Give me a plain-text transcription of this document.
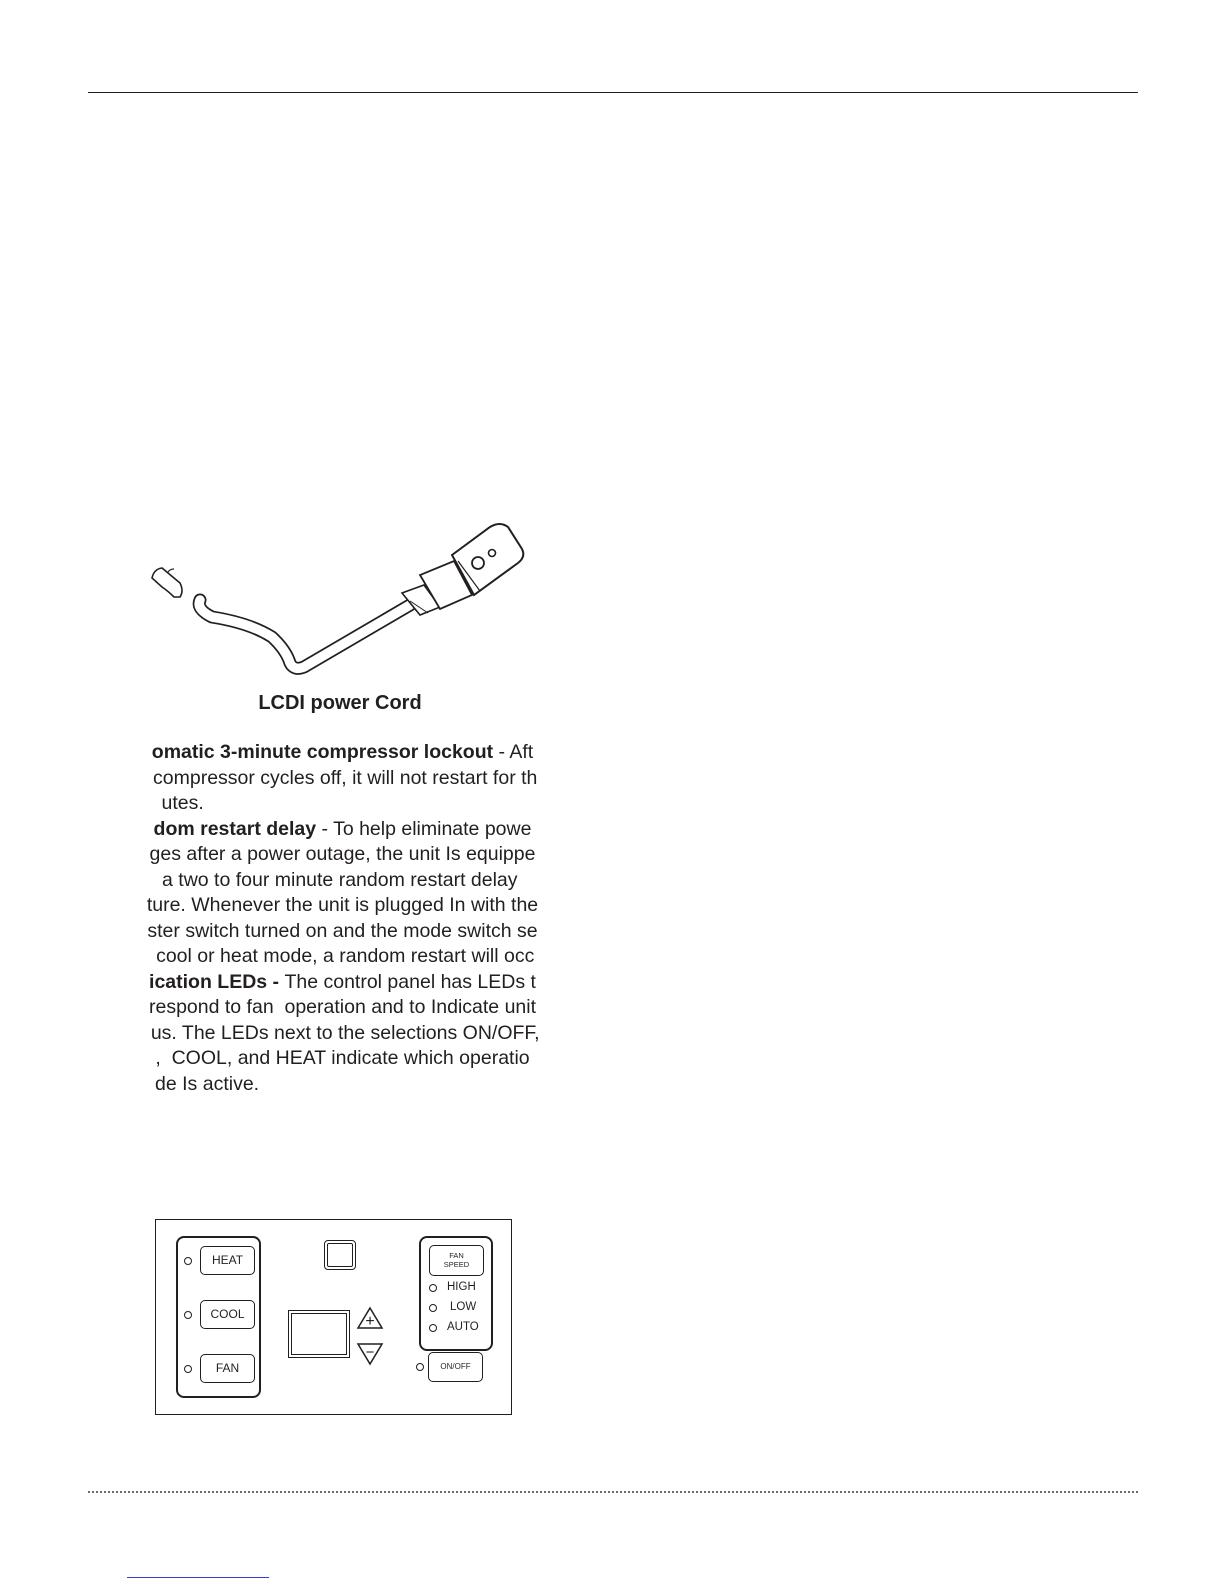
LCDI power Cord

omatic 3-minute compressor lockout - Aft
compressor cycles off, it will not restart for th
utes.
dom restart delay - To help eliminate powe
ges after a power outage, the unit Is equippe
a two to four minute random restart delay
ture. Whenever the unit is plugged In with the
ster switch turned on and the mode switch se
cool or heat mode, a random restart will occ
ication LEDs - The control panel has LEDs t
respond to fan  operation and to Indicate unit
us. The LEDs next to the selections ON/OFF,
,  COOL, and HEAT indicate which operatio
de Is active.
HEAT
COOL
FAN
+
−
FAN
SPEED
HIGH
LOW
AUTO
ON/OFF
